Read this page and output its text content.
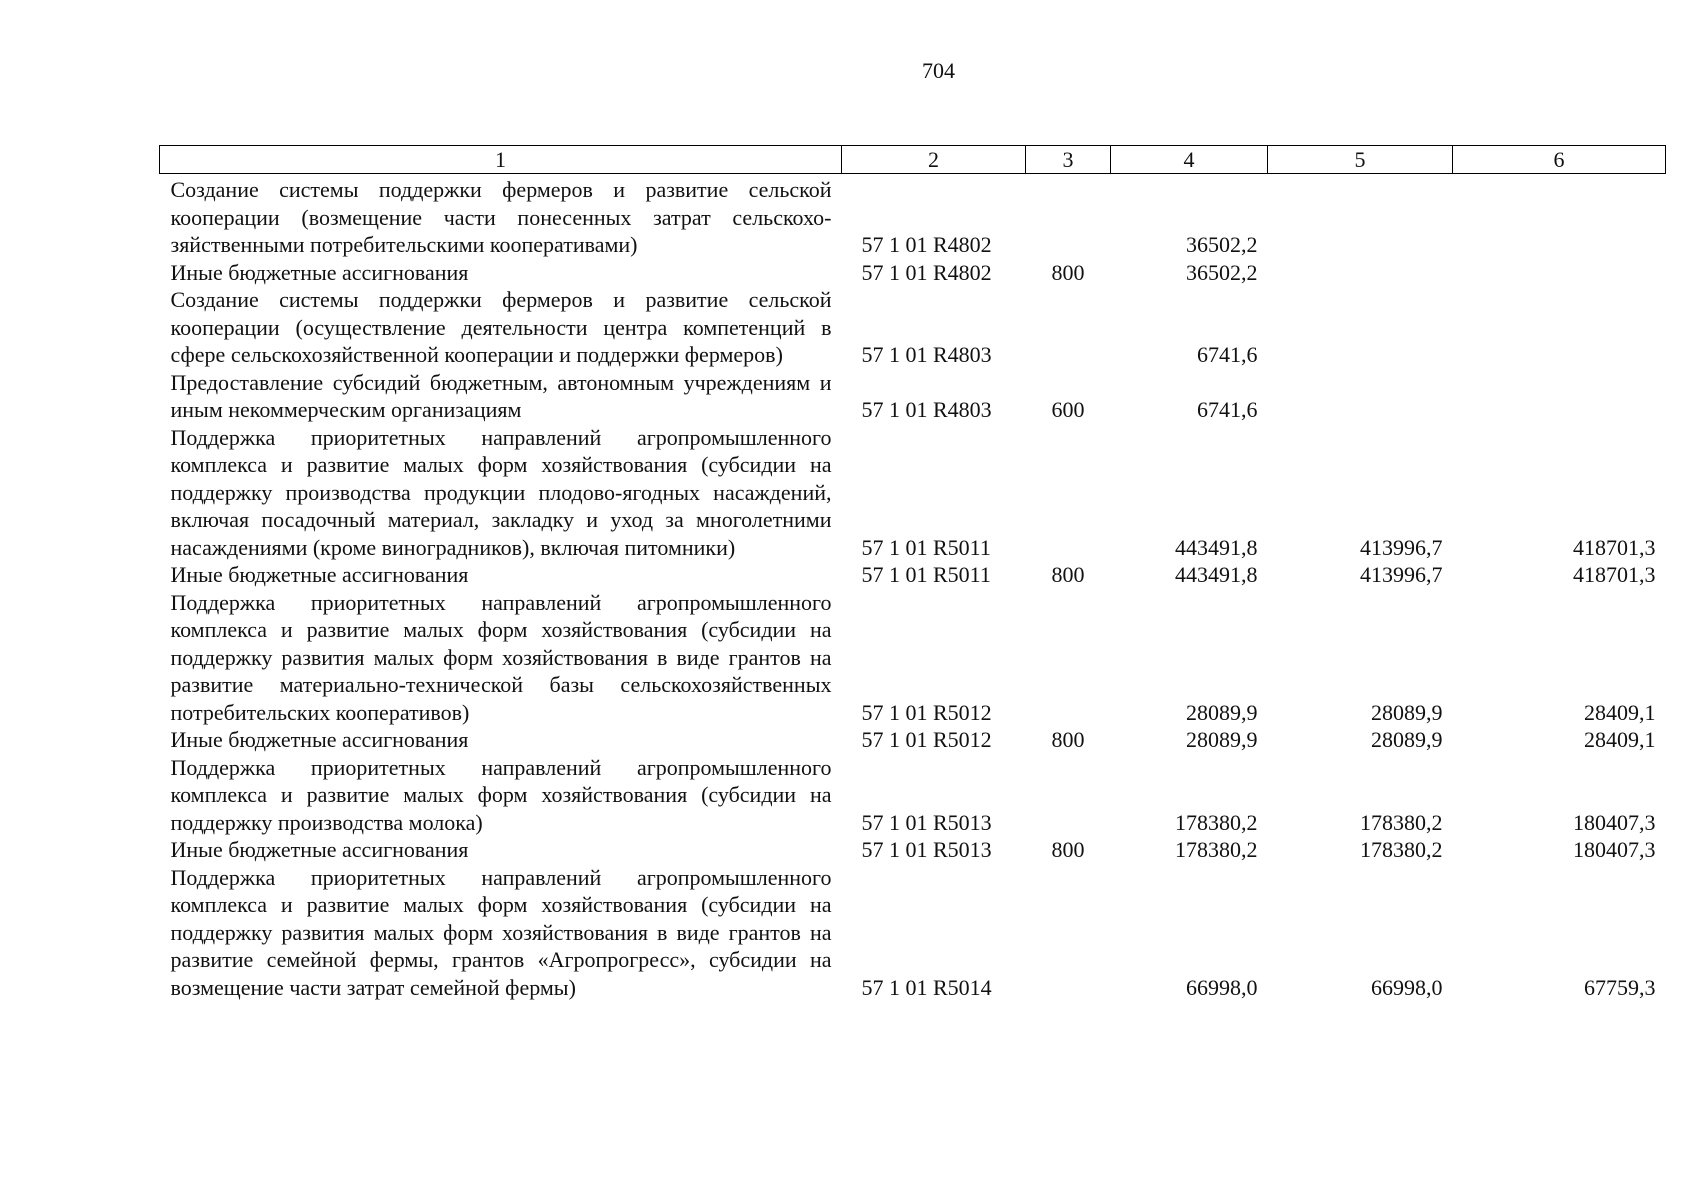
704
1	2	3	4	5	6
Создание системы поддержки фермеров и развитие сельской кооперации (возмещение части понесенных затрат сельскохозяйственными потребительскими кооперативами)	57 1 01 R4802		36502,2		
Иные бюджетные ассигнования	57 1 01 R4802	800	36502,2		
Создание системы поддержки фермеров и развитие сельской кооперации (осуществление деятельности центра компетенций в сфере сельскохозяйственной кооперации и поддержки фермеров)	57 1 01 R4803		6741,6		
Предоставление субсидий бюджетным, автономным учреждениям и иным некоммерческим организациям	57 1 01 R4803	600	6741,6		
Поддержка приоритетных направлений агропромышленного комплекса и развитие малых форм хозяйствования (субсидии на поддержку производства продукции плодово-ягодных насаждений, включая посадочный материал, закладку и уход за многолетними насаждениями (кроме виноградников), включая питомники)	57 1 01 R5011		443491,8	413996,7	418701,3
Иные бюджетные ассигнования	57 1 01 R5011	800	443491,8	413996,7	418701,3
Поддержка приоритетных направлений агропромышленного комплекса и развитие малых форм хозяйствования (субсидии на поддержку развития малых форм хозяйствования в виде грантов на развитие материально-технической базы сельскохозяйственных потребительских кооперативов)	57 1 01 R5012		28089,9	28089,9	28409,1
Иные бюджетные ассигнования	57 1 01 R5012	800	28089,9	28089,9	28409,1
Поддержка приоритетных направлений агропромышленного комплекса и развитие малых форм хозяйствования (субсидии на поддержку производства молока)	57 1 01 R5013		178380,2	178380,2	180407,3
Иные бюджетные ассигнования	57 1 01 R5013	800	178380,2	178380,2	180407,3
Поддержка приоритетных направлений агропромышленного комплекса и развитие малых форм хозяйствования (субсидии на поддержку развития малых форм хозяйствования в виде грантов на развитие семейной фермы, грантов «Агропрогресс», субсидии на возмещение части затрат семейной фермы)	57 1 01 R5014		66998,0	66998,0	67759,3
